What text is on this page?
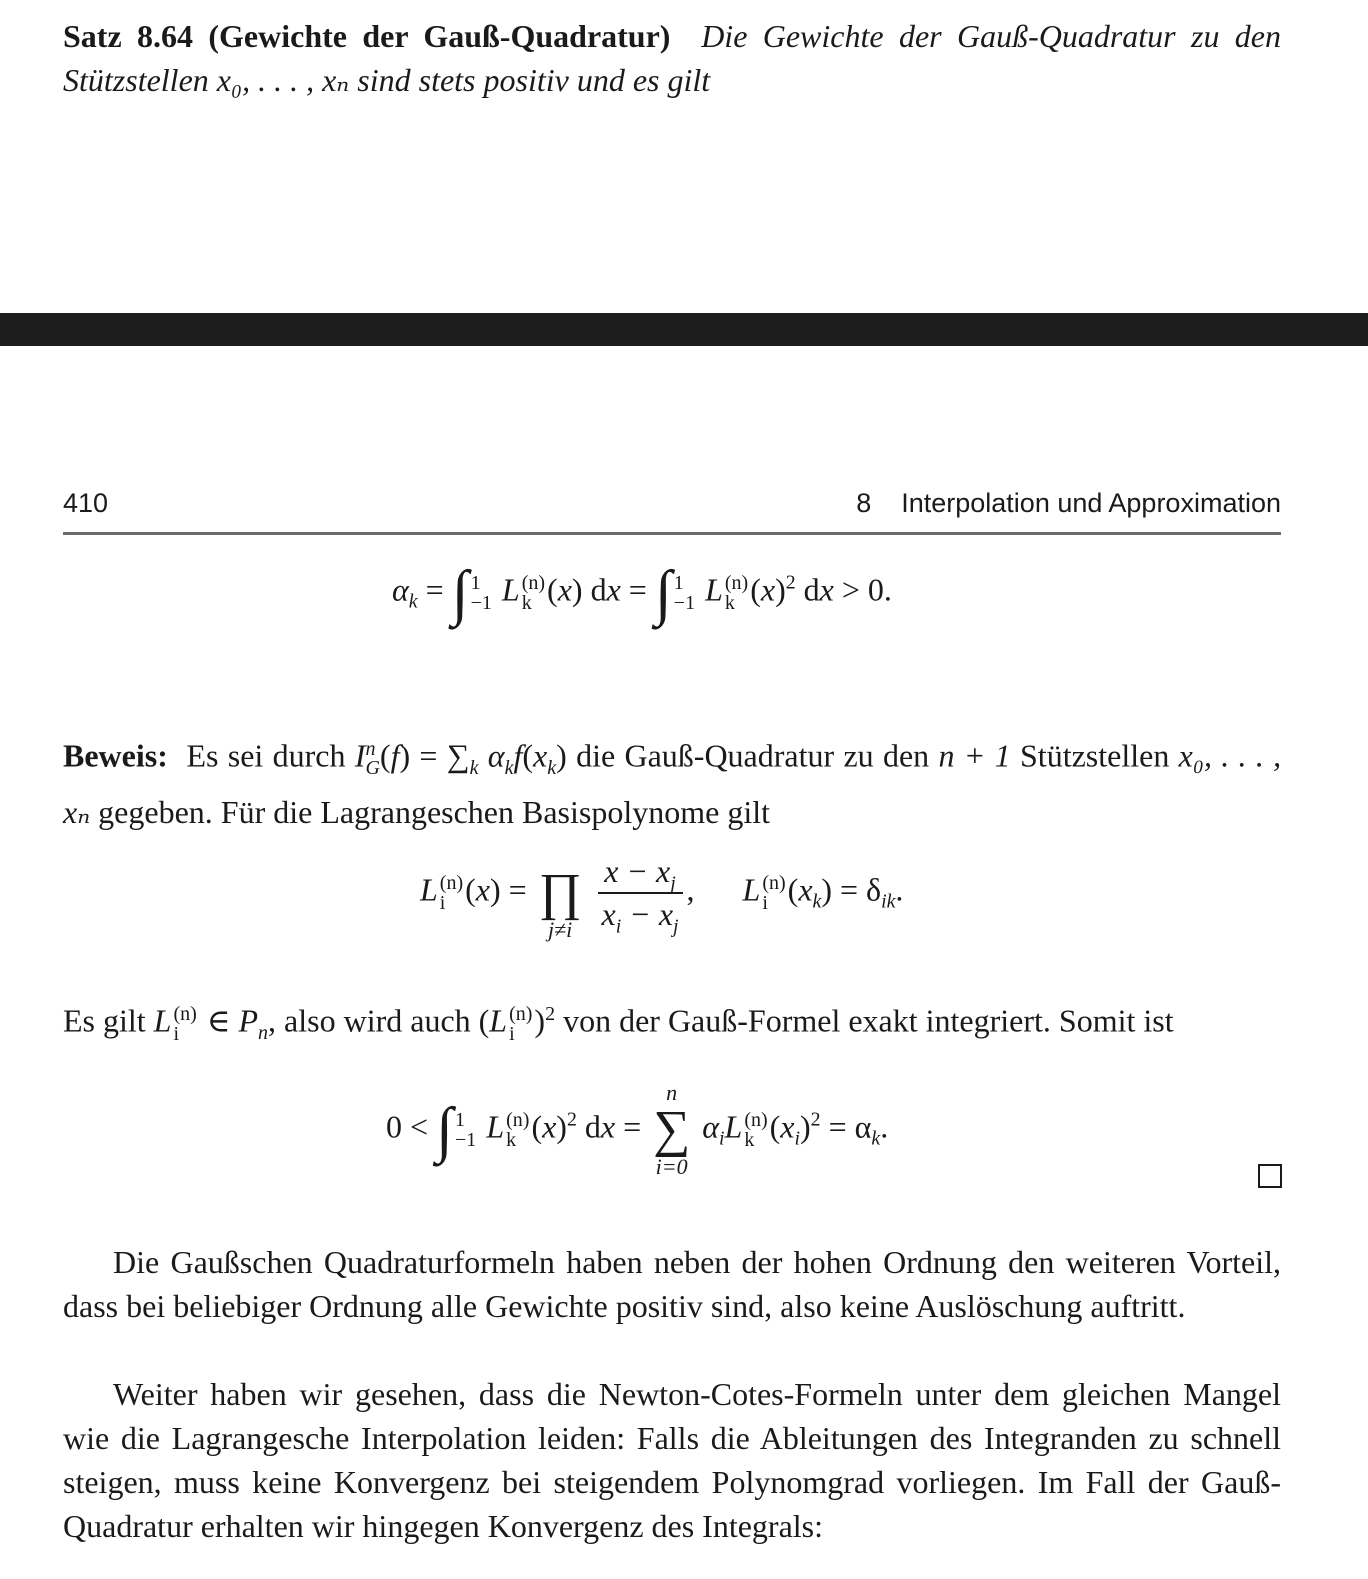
Satz 8.64 (Gewichte der Gauß-Quadratur) Die Gewichte der Gauß-Quadratur zu den Stützstellen x₀, . . . , xₙ sind stets positiv und es gilt
410	8 Interpolation und Approximation
$\alpha_k$ = ∫ 1
−1 L (n)
k (x) dx = ∫ 1
−1 L (n)
k $(x)^2$ dx > 0.
Beweis: Es sei durch $I^n_G(f) = \sum_k$ $\alpha_kf(x_k)$ die Gauß-Quadratur zu den n + 1 Stützstellen x₀, . . . , xₙ gegeben. Für die Lagrangeschen Basispolynome gilt
L (n)
i (x) =

∏
j≠i
$\frac{x - x_j}{x_i - x_j}$ ,      L (n)
i $(x_k) = \delta_{ik}$.
Es gilt L (n)
i ∈ $P_n$, also wird auch (L (n)
i )$^2$ von der Gauß-Formel exakt integriert. Somit ist
0 < ∫ 1
−1 L (n)
k $(x)^2$ dx =
n
∑
i=0
$\alpha_iL$ (n)
k $(x_i)^2 = \alpha_k$.
Die Gaußschen Quadraturformeln haben neben der hohen Ordnung den weiteren Vorteil, dass bei beliebiger Ordnung alle Gewichte positiv sind, also keine Auslöschung auftritt.
Weiter haben wir gesehen, dass die Newton-Cotes-Formeln unter dem gleichen Mangel wie die Lagrangesche Interpolation leiden: Falls die Ableitungen des Integranden zu schnell steigen, muss keine Konvergenz bei steigendem Polynomgrad vorliegen. Im Fall der Gauß-Quadratur erhalten wir hingegen Konvergenz des Integrals:
